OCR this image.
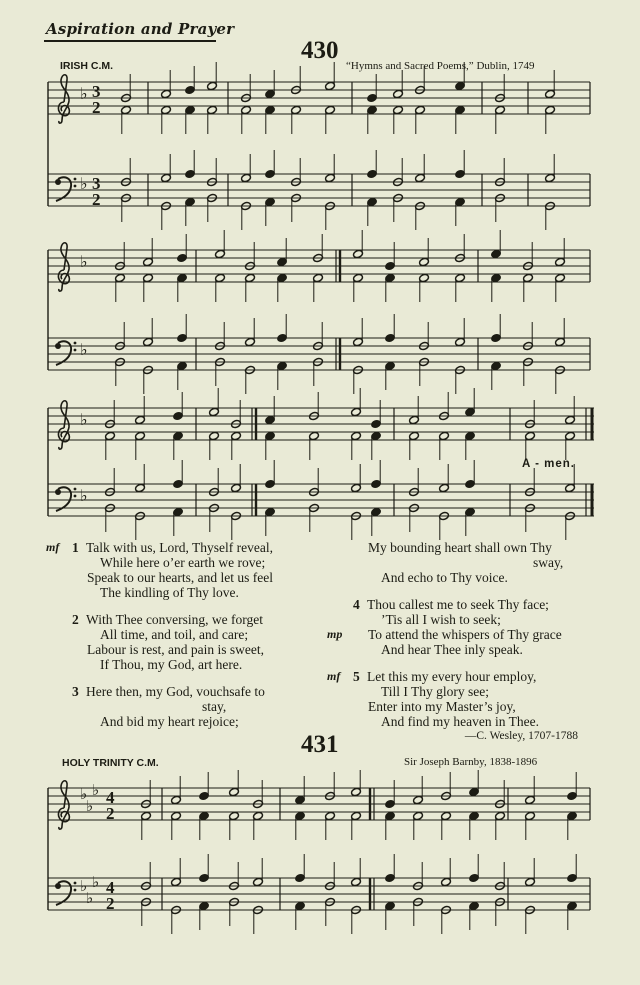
Aspiration and Prayer
430
IRISH C.M.	“Hymns and Sacred Poems,” Dublin, 1749
♭
♭
♭
♭
♭
♭
3
2
3
2
A - men.
mf 1 Talk with us, Lord, Thyself reveal,
While here o’er earth we rove;
Speak to our hearts, and let us feel
The kindling of Thy love.
2 With Thee conversing, we forget
All time, and toil, and care;
Labour is rest, and pain is sweet,
If Thou, my God, art here.
3 Here then, my God, vouchsafe to
stay,
And bid my heart rejoice;
My bounding heart shall own Thy
sway,
And echo to Thy voice.
4 Thou callest me to seek Thy face;
’Tis all I wish to seek;
mp To attend the whispers of Thy grace
And hear Thee inly speak.
mf 5 Let this my every hour employ,
Till I Thy glory see;
Enter into my Master’s joy,
And find my heaven in Thee.
—C. Wesley, 1707-1788
431
HOLY TRINITY C.M.	Sir Joseph Barnby, 1838-1896
♭
♭
♭
♭
♭
♭
4
2
4
2
